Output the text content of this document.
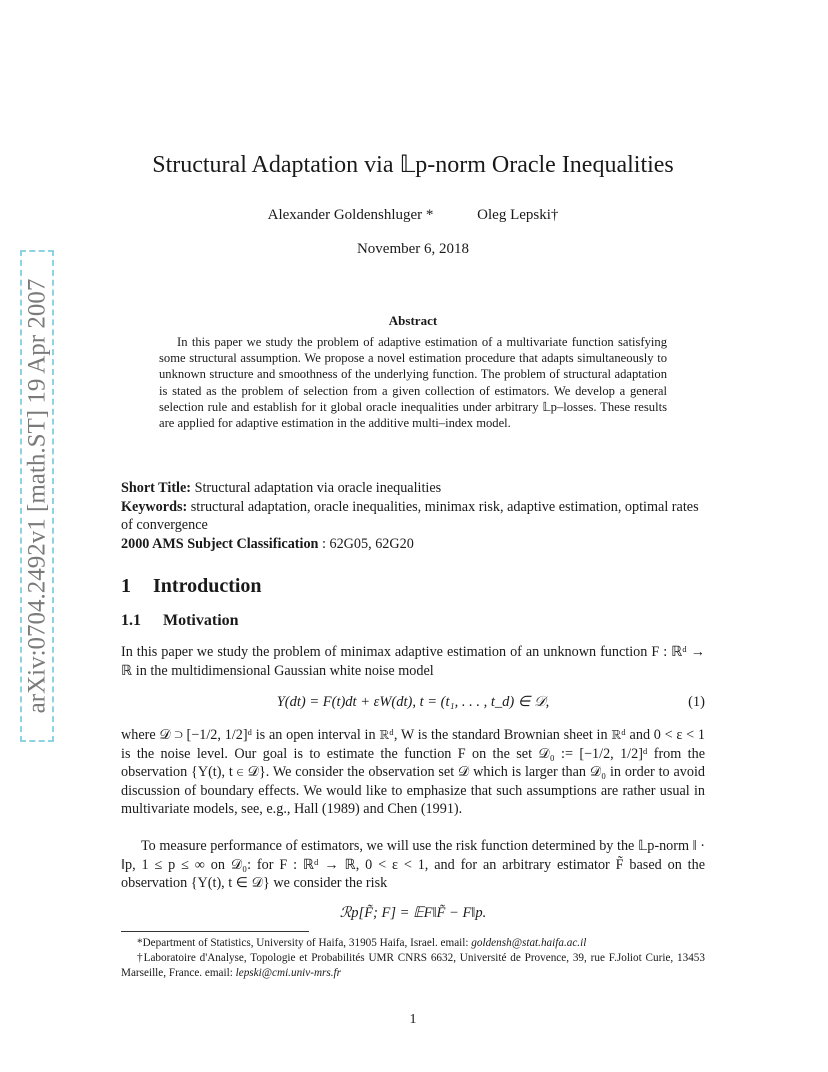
arXiv:0704.2492v1 [math.ST] 19 Apr 2007
Structural Adaptation via 𝕃p-norm Oracle Inequalities
Alexander Goldenshluger *	Oleg Lepski†
November 6, 2018
Abstract

In this paper we study the problem of adaptive estimation of a multivariate function satisfying some structural assumption. We propose a novel estimation procedure that adapts simultaneously to unknown structure and smoothness of the underlying function. The problem of structural adaptation is stated as the problem of selection from a given collection of estimators. We develop a general selection rule and establish for it global oracle inequalities under arbitrary 𝕃p–losses. These results are applied for adaptive estimation in the additive multi–index model.

Short Title: Structural adaptation via oracle inequalities

Keywords: structural adaptation, oracle inequalities, minimax risk, adaptive estimation, optimal rates of convergence

2000 AMS Subject Classification : 62G05, 62G20

1 Introduction
1.1 Motivation

In this paper we study the problem of minimax adaptive estimation of an unknown function F : ℝᵈ → ℝ in the multidimensional Gaussian white noise model

Y(dt) = F(t)dt + εW(dt), t = (t₁, . . . , t_d) ∈ 𝒟,	(1)

where 𝒟 ⊃ [−1/2, 1/2]ᵈ is an open interval in ℝᵈ, W is the standard Brownian sheet in ℝᵈ and 0 < ε < 1 is the noise level. Our goal is to estimate the function F on the set 𝒟₀ := [−1/2, 1/2]ᵈ from the observation {Y(t), t ∈ 𝒟}. We consider the observation set 𝒟 which is larger than 𝒟₀ in order to avoid discussion of boundary effects. We would like to emphasize that such assumptions are rather usual in multivariate models, see, e.g., Hall (1989) and Chen (1991).

To measure performance of estimators, we will use the risk function determined by the 𝕃p-norm ‖ · ‖p, 1 ≤ p ≤ ∞ on 𝒟₀: for F : ℝᵈ → ℝ, 0 < ε < 1, and for an arbitrary estimator F̃ based on the observation {Y(t), t ∈ 𝒟} we consider the risk

ℛp[F̃; F] = 𝔼F‖F̃ − F‖p.

*Department of Statistics, University of Haifa, 31905 Haifa, Israel. email: goldensh@stat.haifa.ac.il

†Laboratoire d'Analyse, Topologie et Probabilités UMR CNRS 6632, Université de Provence, 39, rue F.Joliot Curie, 13453 Marseille, France. email: lepski@cmi.univ-mrs.fr

1
